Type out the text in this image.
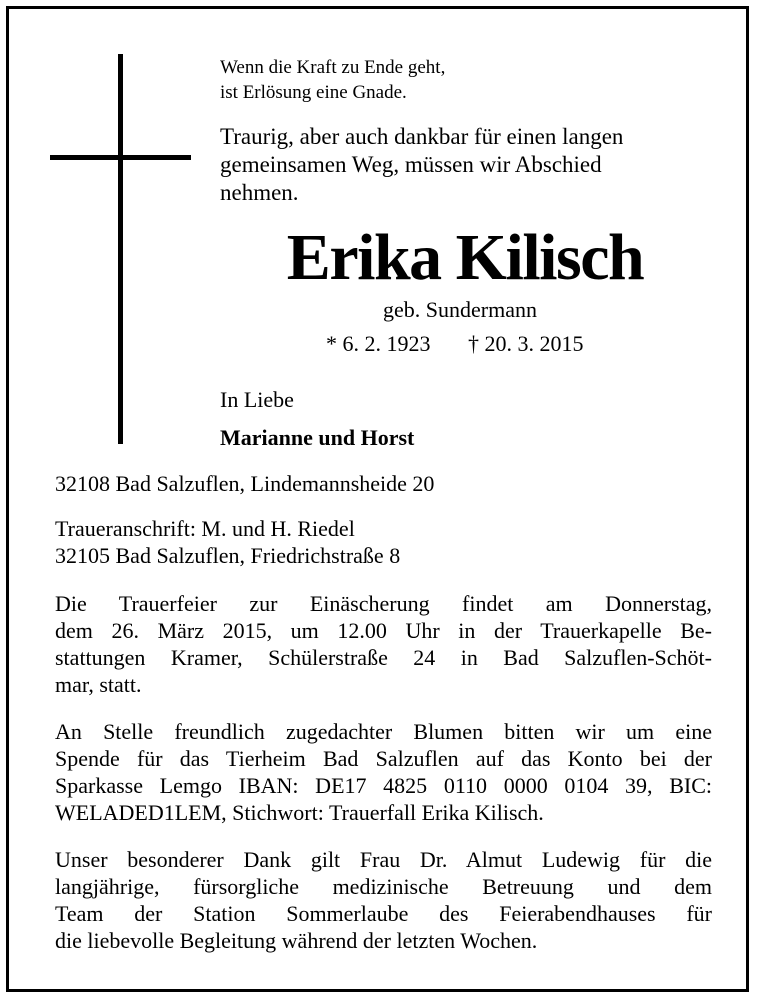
Wenn die Kraft zu Ende geht,
ist Erlösung eine Gnade.
Traurig, aber auch dankbar für einen langen
gemeinsamen Weg, müssen wir Abschied
nehmen.
Erika Kilisch
geb. Sundermann
* 6. 2. 1923 † 20. 3. 2015
In Liebe
Marianne und Horst
32108 Bad Salzuflen, Lindemannsheide 20
Traueranschrift: M. und H. Riedel
32105 Bad Salzuflen, Friedrichstraße 8
Die Trauerfeier zur Einäscherung findet am Donnerstag,
dem 26. März 2015, um 12.00 Uhr in der Trauerkapelle Be-
stattungen Kramer, Schülerstraße 24 in Bad Salzuflen-Schöt-
mar, statt.
An Stelle freundlich zugedachter Blumen bitten wir um eine
Spende für das Tierheim Bad Salzuflen auf das Konto bei der
Sparkasse Lemgo IBAN: DE17 4825 0110 0000 0104 39, BIC:
WELADED1LEM, Stichwort: Trauerfall Erika Kilisch.
Unser besonderer Dank gilt Frau Dr. Almut Ludewig für die
langjährige, fürsorgliche medizinische Betreuung und dem
Team der Station Sommerlaube des Feierabendhauses für
die liebevolle Begleitung während der letzten Wochen.
